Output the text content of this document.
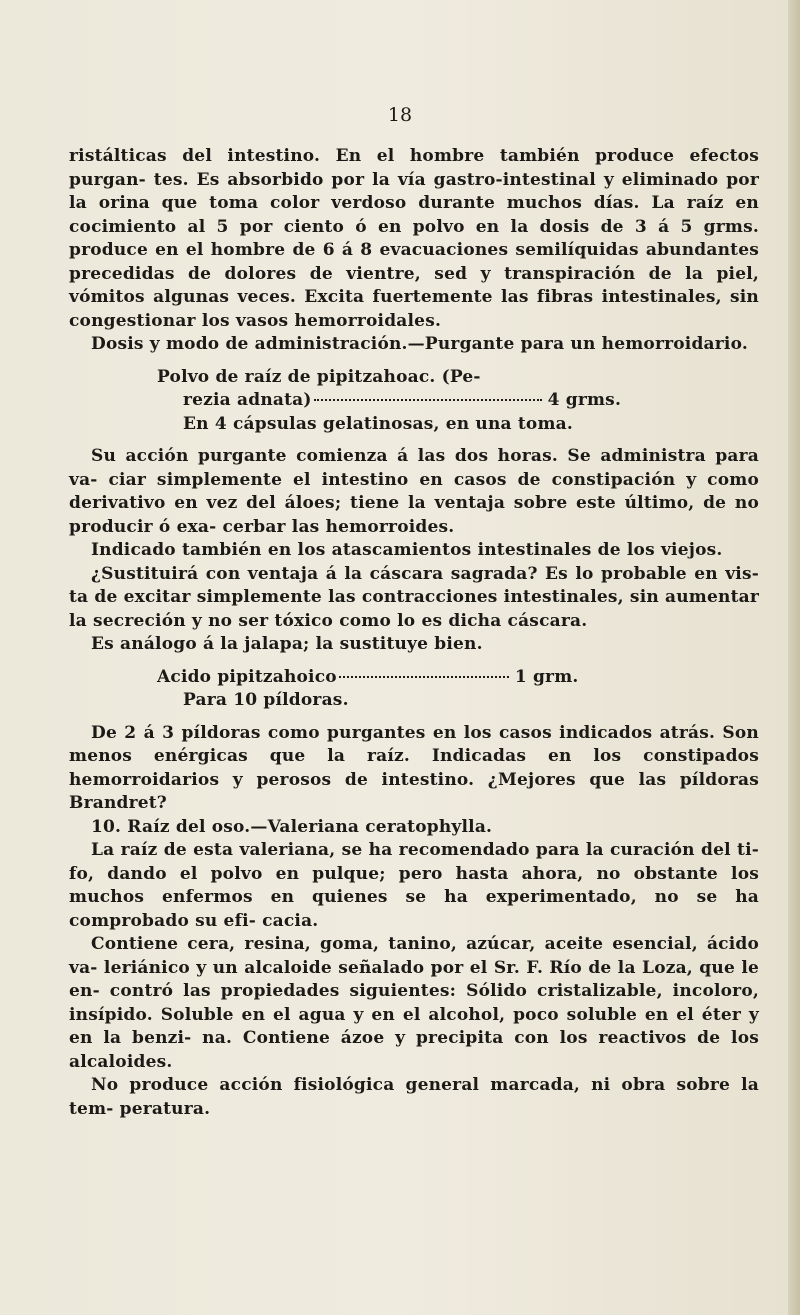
18

ristálticas del intestino. En el hombre también produce efectos purgan- tes. Es absorbido por la vía gastro-intestinal y eliminado por la orina que toma color verdoso durante muchos días. La raíz en cocimiento al 5 por ciento ó en polvo en la dosis de 3 á 5 grms. produce en el hombre de 6 á 8 evacuaciones semilíquidas abundantes precedidas de dolores de vientre, sed y transpiración de la piel, vómitos algunas veces. Excita fuertemente las fibras intestinales, sin congestionar los vasos hemorroidales.

Dosis y modo de administración.—Purgante para un hemorroidario.

Polvo de raíz de pipitzahoac. (Pe-
rezia adnata)	4 grms.
En 4 cápsulas gelatinosas, en una toma.

Su acción purgante comienza á las dos horas. Se administra para va- ciar simplemente el intestino en casos de constipación y como derivativo en vez del áloes; tiene la ventaja sobre este último, de no producir ó exa- cerbar las hemorroides.

Indicado también en los atascamientos intestinales de los viejos.

¿Sustituirá con ventaja á la cáscara sagrada? Es lo probable en vis- ta de excitar simplemente las contracciones intestinales, sin aumentar la secreción y no ser tóxico como lo es dicha cáscara.

Es análogo á la jalapa; la sustituye bien.

Acido pipitzahoico	1 grm.
Para 10 píldoras.

De 2 á 3 píldoras como purgantes en los casos indicados atrás. Son menos enérgicas que la raíz. Indicadas en los constipados hemorroidarios y perosos de intestino. ¿Mejores que las píldoras Brandret?

10. Raíz del oso.—Valeriana ceratophylla.

La raíz de esta valeriana, se ha recomendado para la curación del ti- fo, dando el polvo en pulque; pero hasta ahora, no obstante los muchos enfermos en quienes se ha experimentado, no se ha comprobado su efi- cacia.

Contiene cera, resina, goma, tanino, azúcar, aceite esencial, ácido va- leriánico y un alcaloide señalado por el Sr. F. Río de la Loza, que le en- contró las propiedades siguientes: Sólido cristalizable, incoloro, insípido. Soluble en el agua y en el alcohol, poco soluble en el éter y en la benzi- na. Contiene ázoe y precipita con los reactivos de los alcaloides.

No produce acción fisiológica general marcada, ni obra sobre la tem- peratura.
